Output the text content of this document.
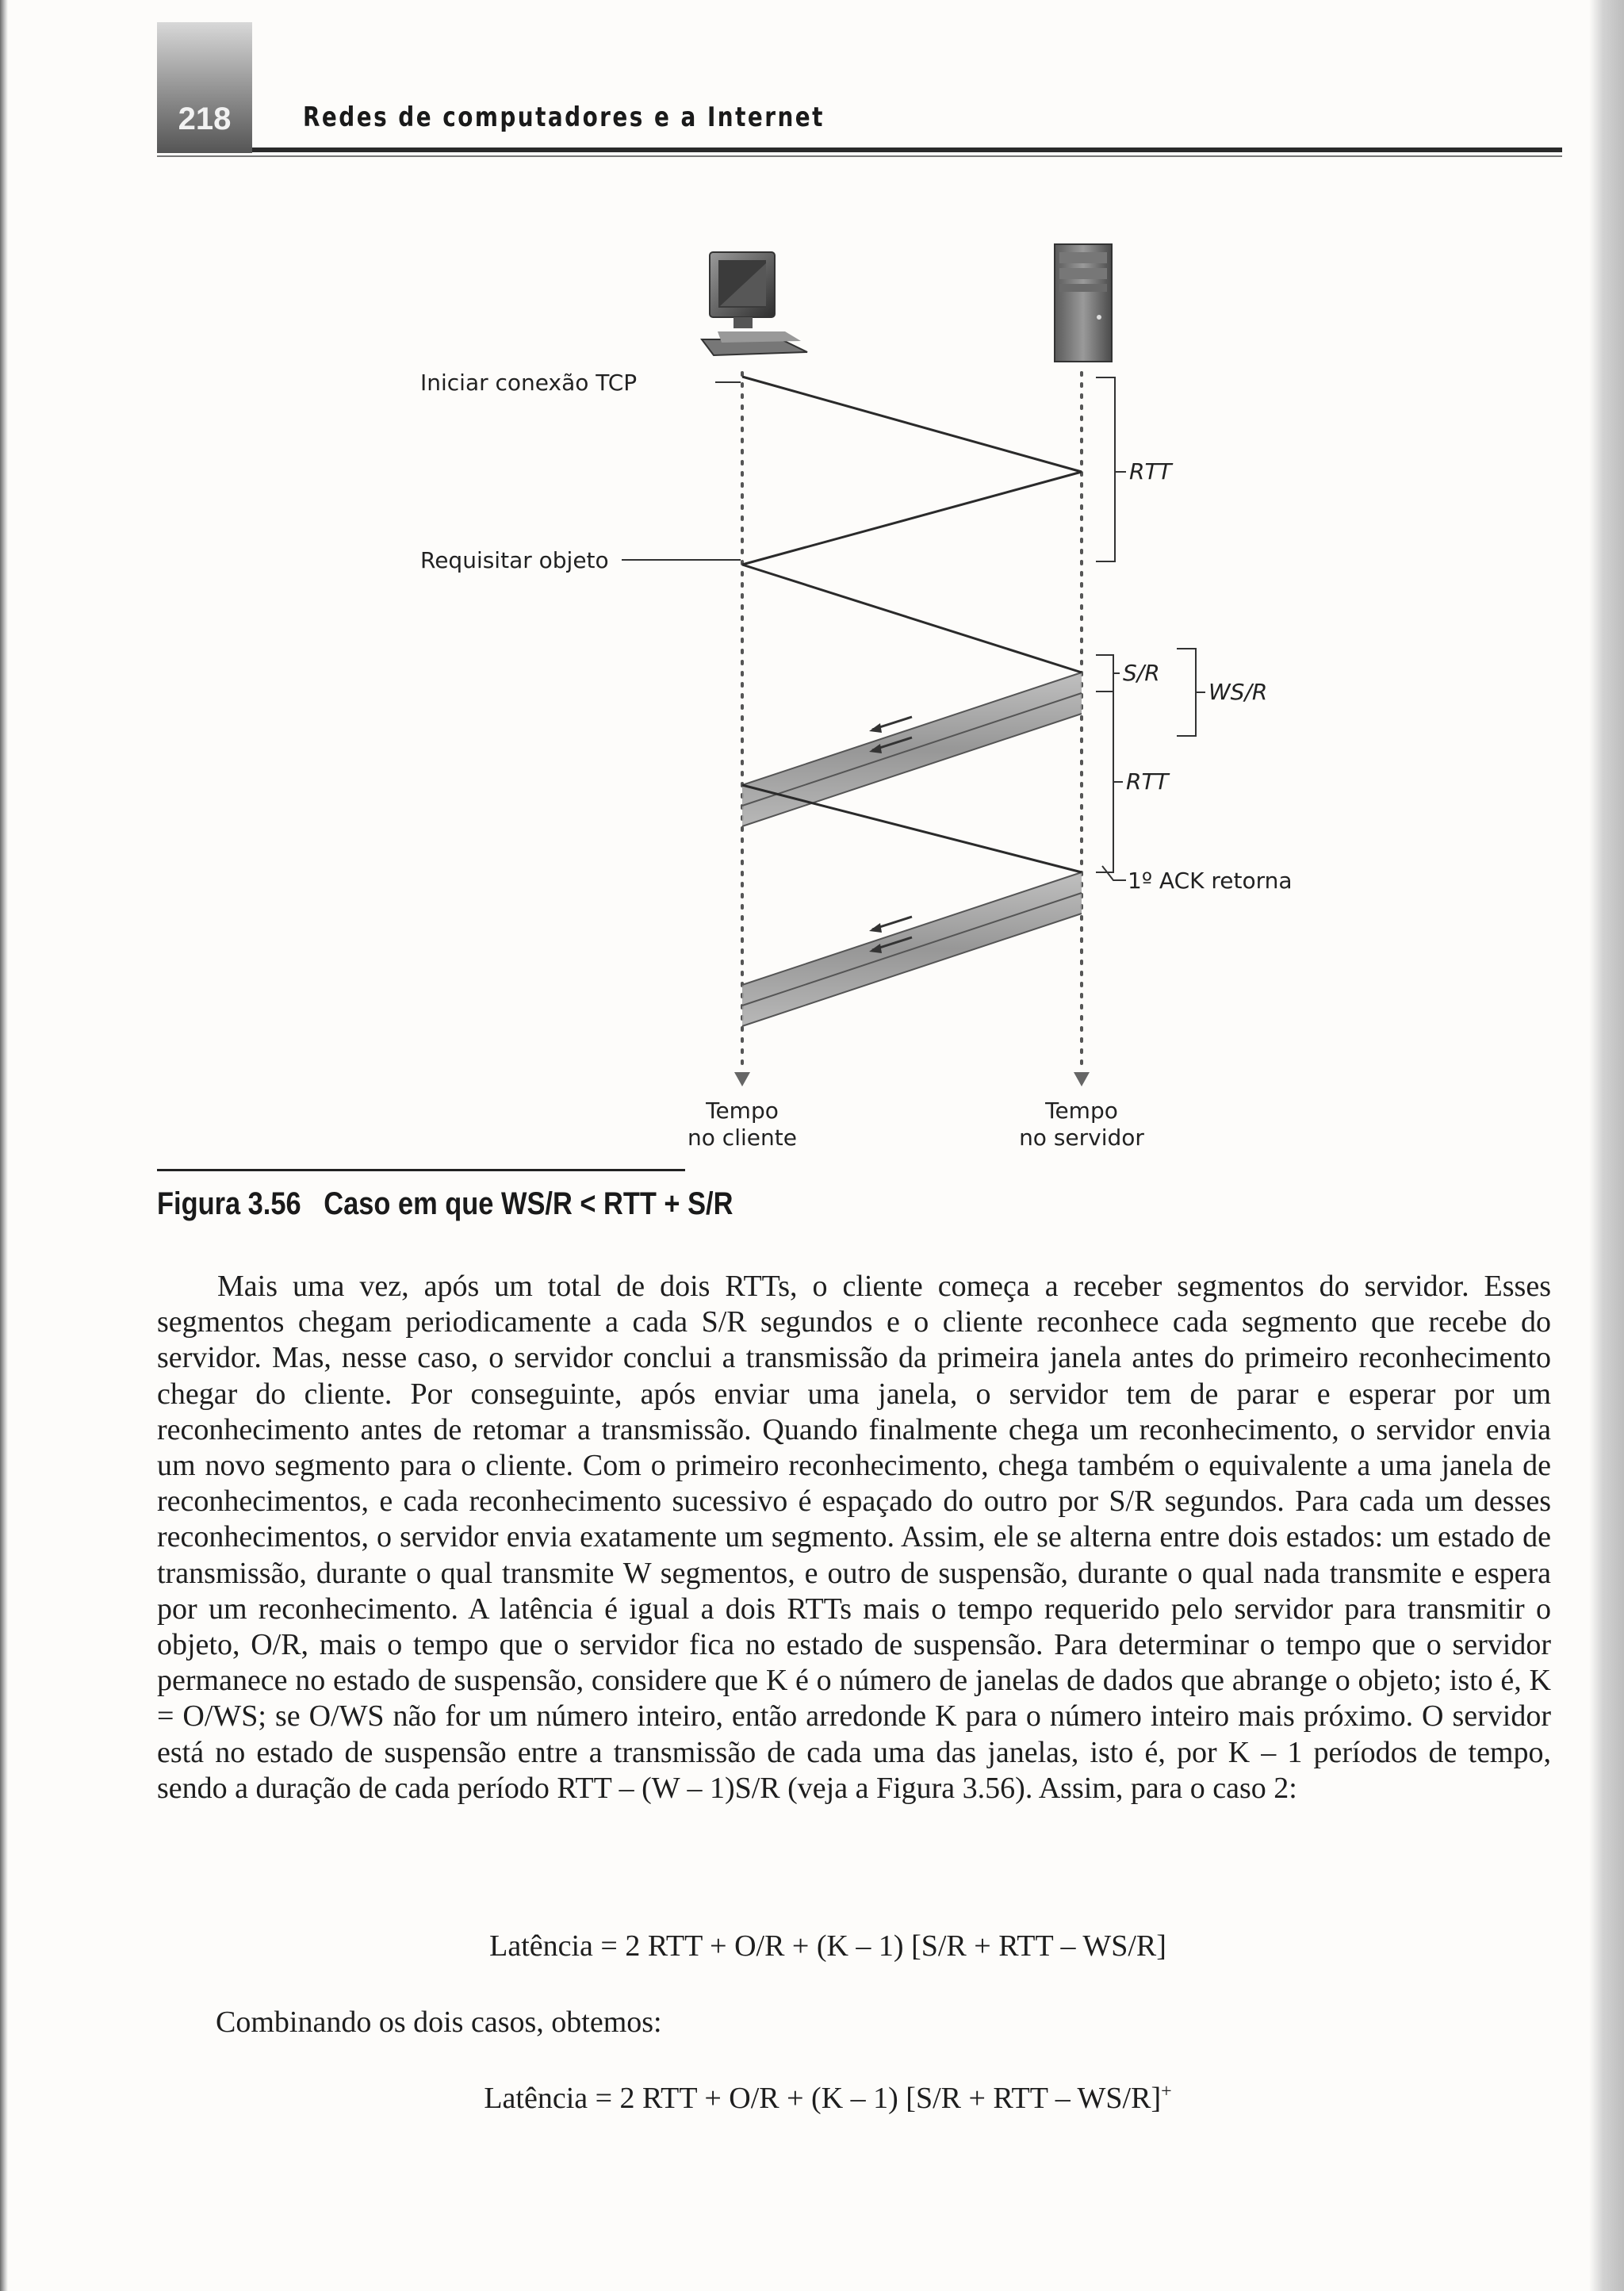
218	Redes de computadores e a Internet
Iniciar conexão TCP
Requisitar objeto
RTT
S/R
WS/R
RTT
1º ACK retorna
Tempo
no cliente
Tempo
no servidor
Figura 3.56 Caso em que WS/R < RTT + S/R

Mais uma vez, após um total de dois RTTs, o cliente começa a receber segmentos do servidor. Esses segmentos chegam periodicamente a cada S/R segundos e o cliente reconhece cada segmento que recebe do servidor. Mas, nesse caso, o servidor conclui a transmissão da primeira janela antes do primeiro reconhecimento chegar do cliente. Por conseguinte, após enviar uma janela, o servidor tem de parar e esperar por um reconhecimento antes de retomar a transmissão. Quando finalmente chega um reconhecimento, o servidor envia um novo segmento para o cliente. Com o primeiro reconhecimento, chega também o equivalente a uma janela de reconhecimentos, e cada reconhecimento sucessivo é espaçado do outro por S/R segundos. Para cada um desses reconhecimentos, o servidor envia exatamente um segmento. Assim, ele se alterna entre dois estados: um estado de transmissão, durante o qual transmite W segmentos, e outro de suspensão, durante o qual nada transmite e espera por um reconhecimento. A latência é igual a dois RTTs mais o tempo requerido pelo servidor para transmitir o objeto, O/R, mais o tempo que o servidor fica no estado de suspensão. Para determinar o tempo que o servidor permanece no estado de suspensão, considere que K é o número de janelas de dados que abrange o objeto; isto é, K = O/WS; se O/WS não for um número inteiro, então arredonde K para o número inteiro mais próximo. O servidor está no estado de suspensão entre a transmissão de cada uma das janelas, isto é, por K – 1 períodos de tempo, sendo a duração de cada período RTT – (W – 1)S/R (veja a Figura 3.56). Assim, para o caso 2:

Latência = 2 RTT + O/R + (K – 1) [S/R + RTT – WS/R]
Combinando os dois casos, obtemos:
Latência = 2 RTT + O/R + (K – 1) [S/R + RTT – WS/R]+
